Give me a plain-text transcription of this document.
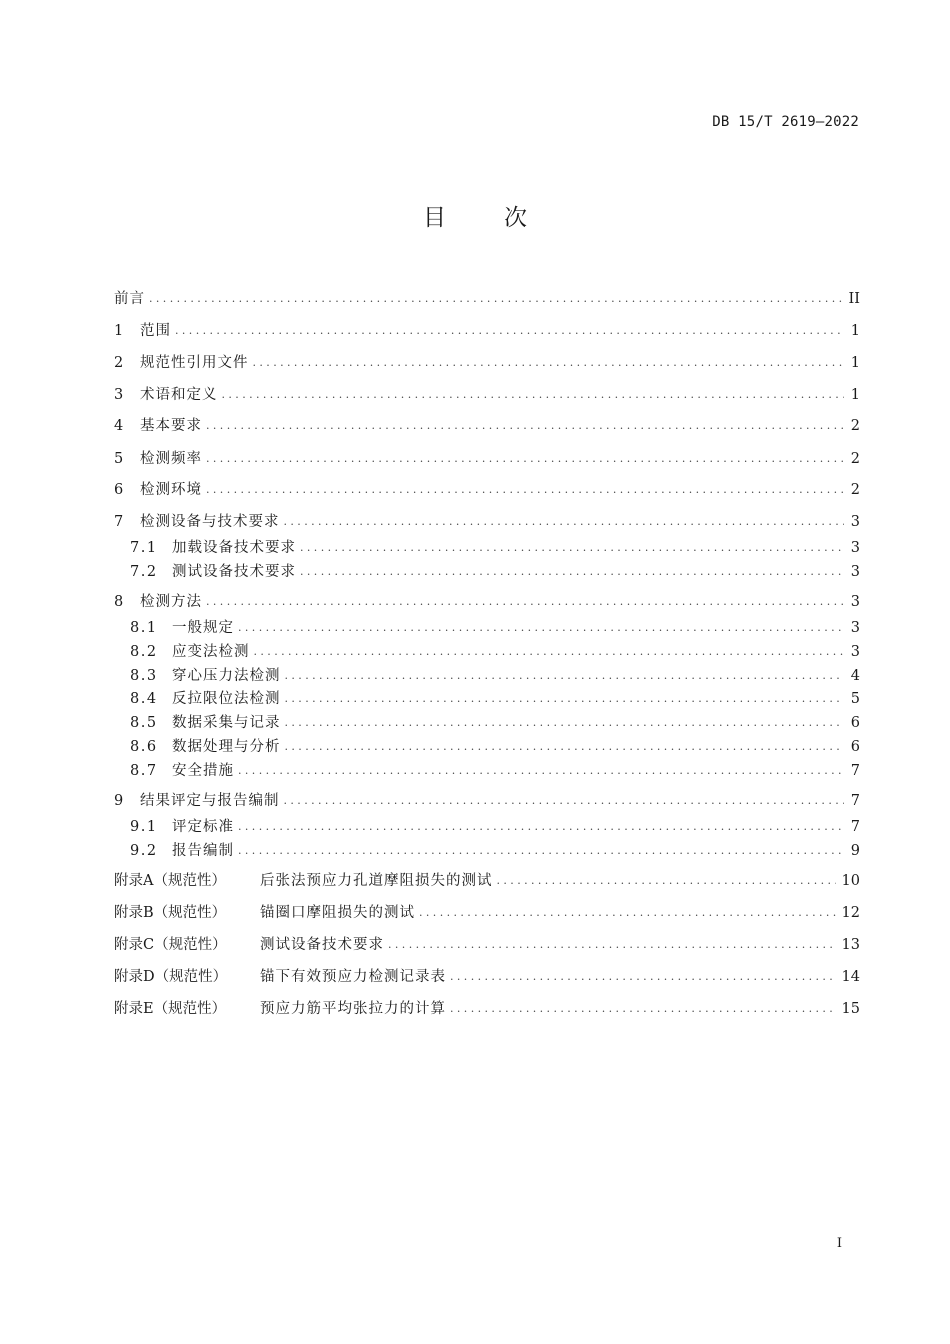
DB 15/T 2619—2022
目	次
前言 .....	II
1	范围 .....	1
2	规范性引用文件 .....	1
3	术语和定义 .....	1
4	基本要求 .....	2
5	检测频率 .....	2
6	检测环境 .....	2
7	检测设备与技术要求 .....	3
7.1 加载设备技术要求 .....	3
7.2 测试设备技术要求 .....	3
8	检测方法 .....	3
8.1 一般规定 .....	3
8.2 应变法检测 .....	3
8.3 穿心压力法检测 .....	4
8.4 反拉限位法检测 .....	5
8.5 数据采集与记录 .....	6
8.6 数据处理与分析 .....	6
8.7 安全措施 .....	7
9	结果评定与报告编制 .....	7
9.1 评定标准 .....	7
9.2 报告编制 .....	9
附录A（规范性）	后张法预应力孔道摩阻损失的测试 .....	10
附录B（规范性）	锚圈口摩阻损失的测试 .....	12
附录C（规范性）	测试设备技术要求 .....	13
附录D（规范性）	锚下有效预应力检测记录表 .....	14
附录E（规范性）	预应力筋平均张拉力的计算 .....	15
I
